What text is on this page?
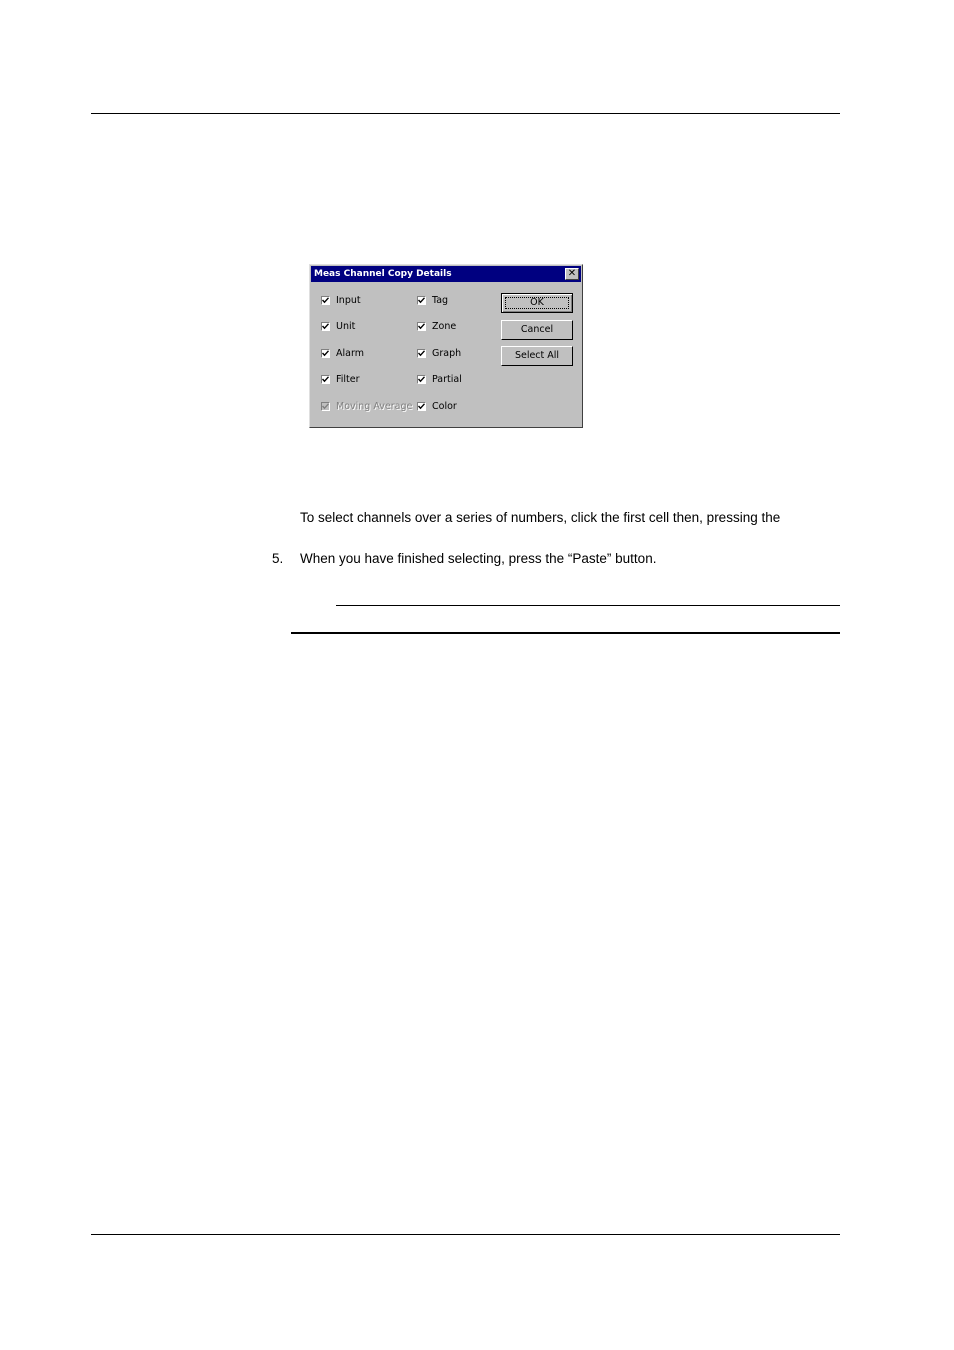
Meas Channel Copy Details	✕
Input
Unit
Alarm
Filter
Moving Average
Tag
Zone
Graph
Partial
Color
OK
Cancel
Select All
To select channels over a series of numbers, click the first cell then, pressing the
5. When you have finished selecting, press the “Paste” button.
